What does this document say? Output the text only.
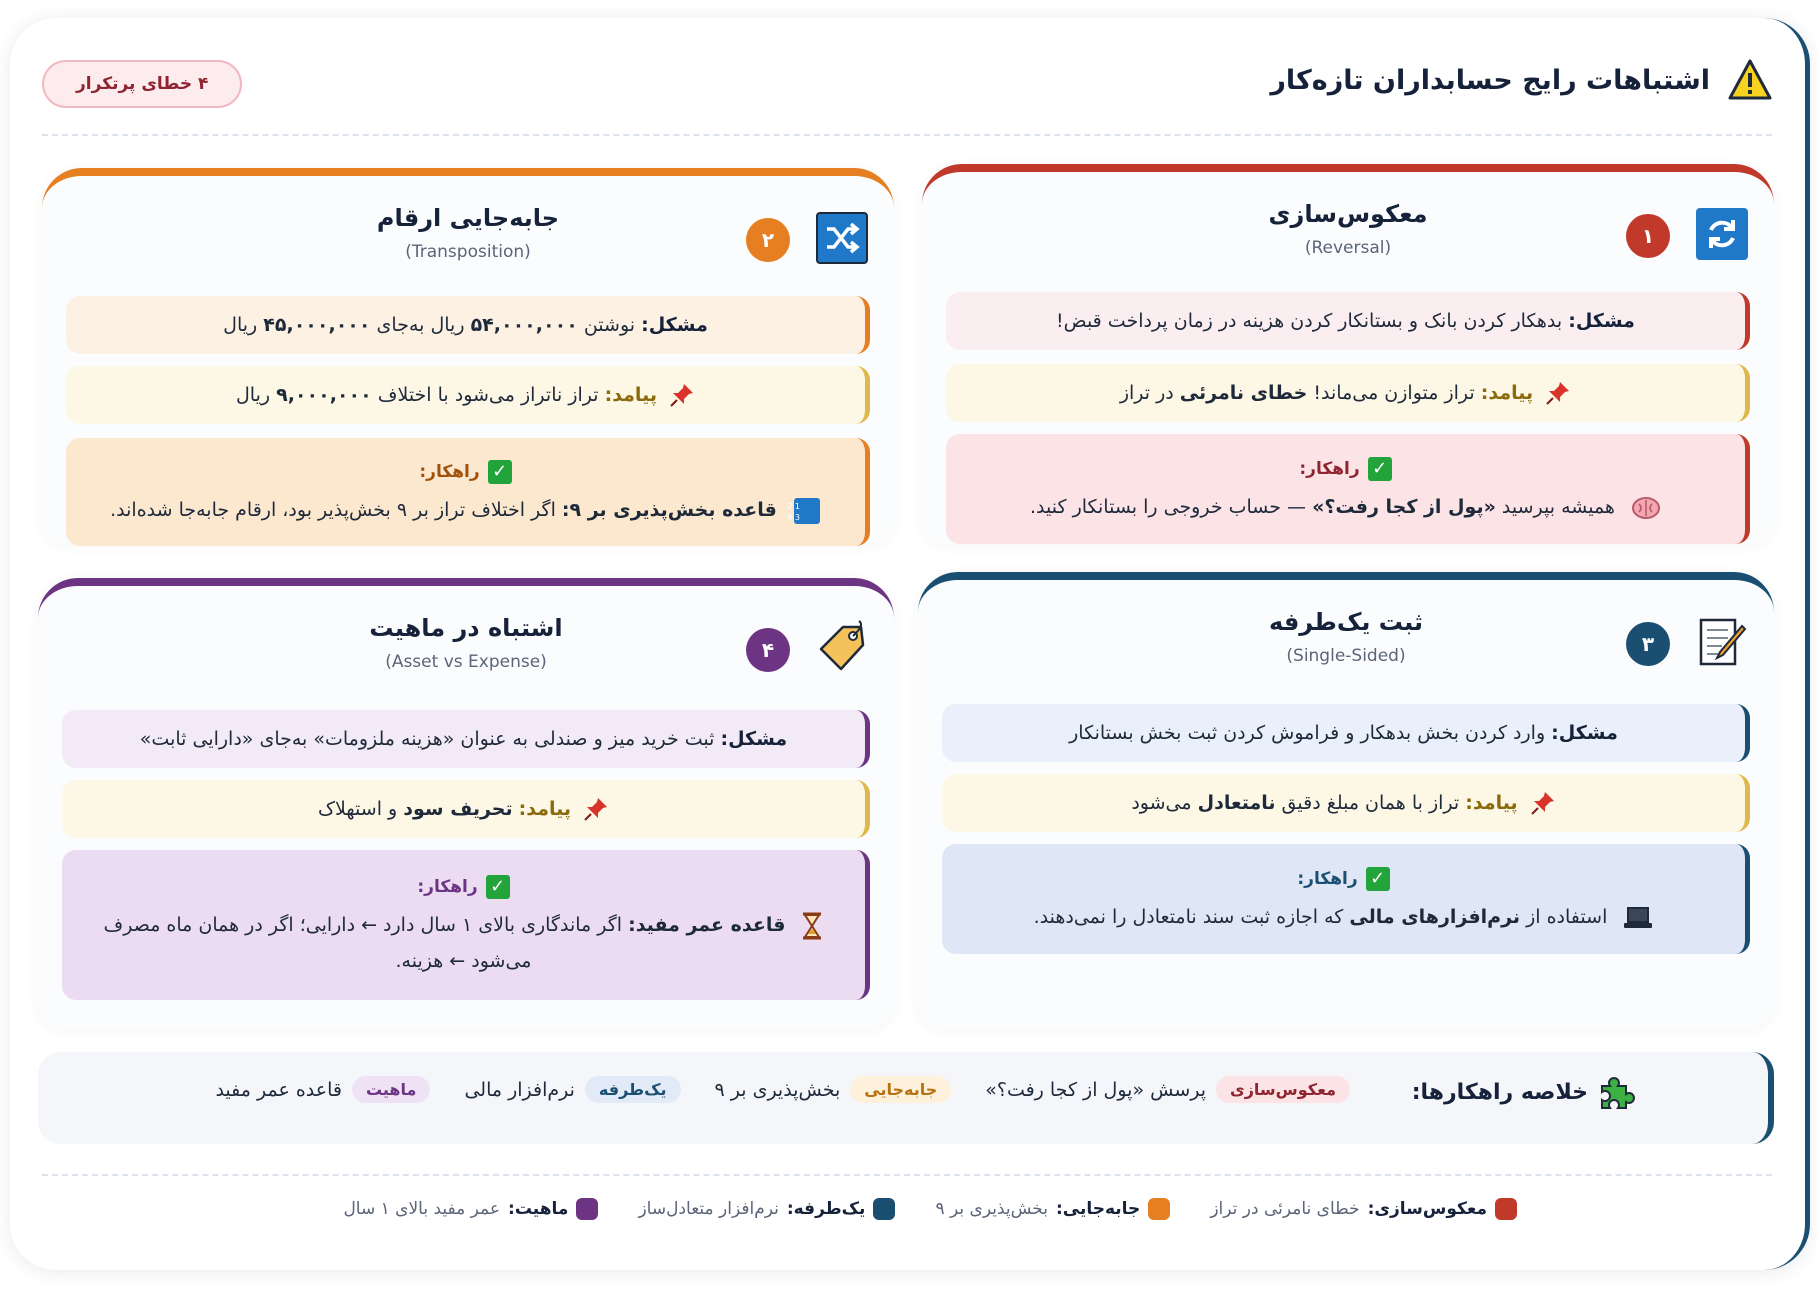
اشتباهات رایج حسابداران تازه‌کار
۴ خطای پرتکرار
۱
معکوس‌سازی
(Reversal)
مشکل: بدهکار کردن بانک و بستانکار کردن هزینه در زمان پرداخت قبض!
پیامد: تراز متوازن می‌ماند! خطای نامرئی در تراز
✓
راهکار:
همیشه بپرسید «پول از کجا رفت؟» — حساب خروجی را بستانکار کنید.
۲
جابه‌جایی ارقام
(Transposition)
مشکل: نوشتن ۵۴,۰۰۰,۰۰۰ ریال به‌جای ۴۵,۰۰۰,۰۰۰ ریال
پیامد: تراز ناتراز می‌شود با اختلاف ۹,۰۰۰,۰۰۰ ریال
✓
راهکار:
1 2
3 4
قاعده بخش‌پذیری بر ۹: اگر اختلاف تراز بر ۹ بخش‌پذیر بود، ارقام جابه‌جا شده‌اند.
۳
ثبت یک‌طرفه
(Single-Sided)
مشکل: وارد کردن بخش بدهکار و فراموش کردن ثبت بخش بستانکار
پیامد: تراز با همان مبلغ دقیق نامتعادل می‌شود
✓
راهکار:
استفاده از نرم‌افزارهای مالی که اجازه ثبت سند نامتعادل را نمی‌دهند.
۴
اشتباه در ماهیت
(Asset vs Expense)
مشکل: ثبت خرید میز و صندلی به عنوان «هزینه ملزومات» به‌جای «دارایی ثابت»
پیامد: تحریف سود و استهلاک
✓
راهکار:
قاعده عمر مفید: اگر ماندگاری بالای ۱ سال دارد ← دارایی؛ اگر در همان ماه مصرف می‌شود ← هزینه.
خلاصه راهکارها:
معکوس‌سازی
پرسش «پول از کجا رفت؟»
جابه‌جایی
بخش‌پذیری بر ۹
یک‌طرفه
نرم‌افزار مالی
ماهیت
قاعده عمر مفید
معکوس‌سازی:
خطای نامرئی در تراز
جابه‌جایی:
بخش‌پذیری بر ۹
یک‌طرفه:
نرم‌افزار متعادل‌ساز
ماهیت:
عمر مفید بالای ۱ سال
